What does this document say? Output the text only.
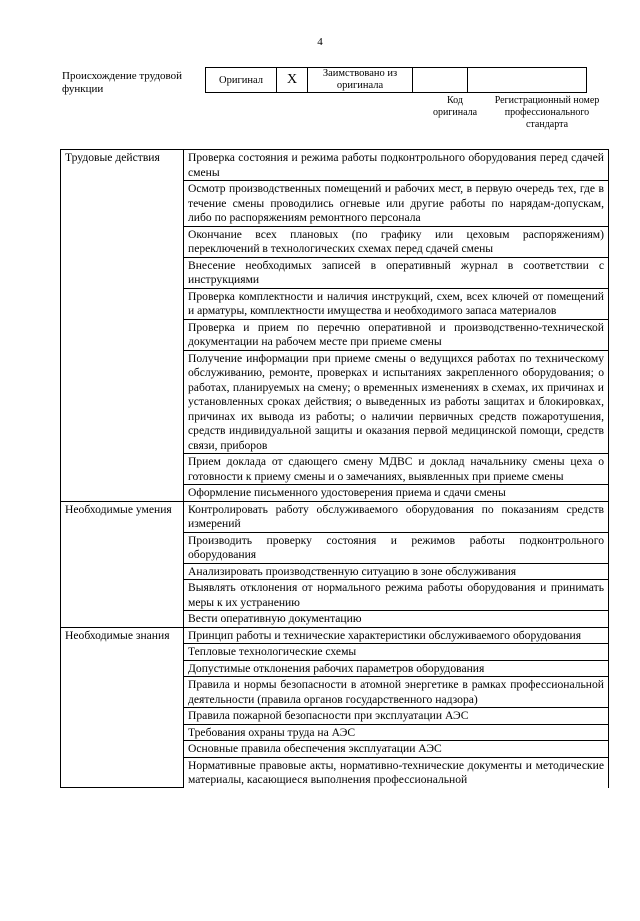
4
Происхождение трудовой функции
Оригинал	X	Заимствовано из оригинала		
Код оригинала
Регистрационный номер профессионального стандарта
Трудовые действия	Проверка состояния и режима работы подконтрольного оборудования перед сдачей смены
	Осмотр производственных помещений и рабочих мест, в первую очередь тех, где в течение смены проводились огневые или другие работы по нарядам-допускам, либо по распоряжениям ремонтного персонала
	Окончание всех плановых (по графику или цеховым распоряжениям) переключений в технологических схемах перед сдачей смены
	Внесение необходимых записей в оперативный журнал в соответствии с инструкциями
	Проверка комплектности и наличия инструкций, схем, всех ключей от помещений и арматуры, комплектности имущества и необходимого запаса материалов
	Проверка и прием по перечню оперативной и производственно-технической документации на рабочем месте при приеме смены
	Получение информации при приеме смены о ведущихся работах по техническому обслуживанию, ремонте, проверках и испытаниях закрепленного оборудования; о работах, планируемых на смену; о временных изменениях в схемах, их причинах и установленных сроках действия; о выведенных из работы защитах и блокировках, причинах их вывода из работы; о наличии первичных средств пожаротушения, средств индивидуальной защиты и оказания первой медицинской помощи, средств связи, приборов
	Прием доклада от сдающего смену МДВС и доклад начальнику смены цеха о готовности к приему смены и о замечаниях, выявленных при приеме смены
	Оформление письменного удостоверения приема и сдачи смены
Необходимые умения	Контролировать работу обслуживаемого оборудования по показаниям средств измерений
	Производить проверку состояния и режимов работы подконтрольного оборудования
	Анализировать производственную ситуацию в зоне обслуживания
	Выявлять отклонения от нормального режима работы оборудования и принимать меры к их устранению
	Вести оперативную документацию
Необходимые знания	Принцип работы и технические характеристики обслуживаемого оборудования
	Тепловые технологические схемы
	Допустимые отклонения рабочих параметров оборудования
	Правила и нормы безопасности в атомной энергетике в рамках профессиональной деятельности (правила органов государственного надзора)
	Правила пожарной безопасности при эксплуатации АЭС
	Требования охраны труда на АЭС
	Основные правила обеспечения эксплуатации АЭС
	Нормативные правовые акты, нормативно-технические документы и методические материалы, касающиеся выполнения профессиональной
